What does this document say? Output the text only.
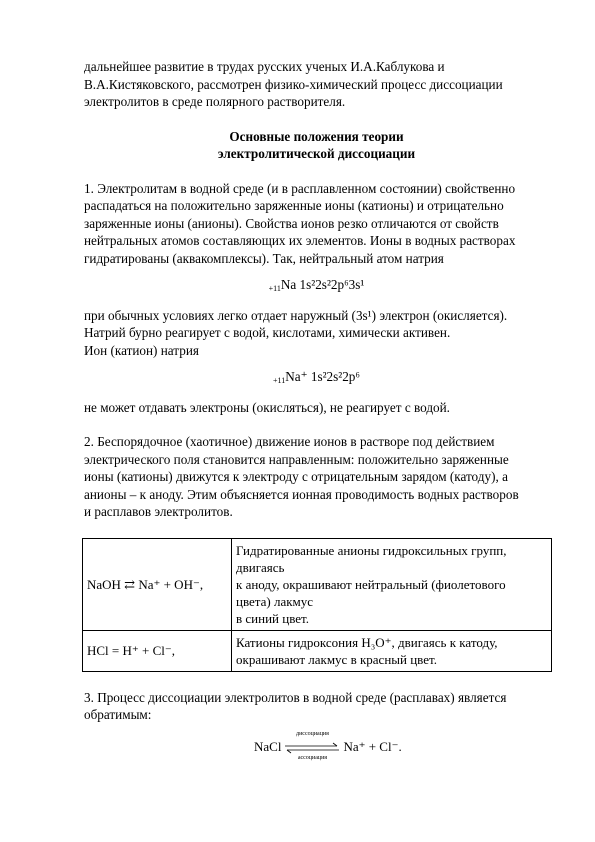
дальнейшее развитие в трудах русских ученых И.А.Каблукова и

В.А.Кистяковского, рассмотрен физико-химический процесс диссоциации

электролитов в среде полярного растворителя.

Основные положения теории

электролитической диссоциации

1. Электролитам в водной среде (и в расплавленном состоянии) свойственно

распадаться на положительно заряженные ионы (катионы) и отрицательно

заряженные ионы (анионы). Свойства ионов резко отличаются от свойств

нейтральных атомов составляющих их элементов. Ионы в водных растворах

гидратированы (аквакомплексы). Так, нейтральный атом натрия

$_{+11}$Na 1s²2s²2p⁶3s¹

при обычных условиях легко отдает наружный (3s¹) электрон (окисляется).

Натрий бурно реагирует с водой, кислотами, химически активен.

Ион (катион) натрия

$_{+11}$Na⁺ 1s²2s²2p⁶

не может отдавать электроны (окисляться), не реагирует с водой.

2. Беспорядочное (хаотичное) движение ионов в растворе под действием

электрического поля становится направленным: положительно заряженные

ионы (катионы) движутся к электроду с отрицательным зарядом (катоду), а

анионы – к аноду. Этим объясняется ионная проводимость водных растворов

и расплавов электролитов.

NaOH ⇄ Na⁺ + OH⁻,	Гидратированные анионы гидроксильных групп,
двигаясь
к аноду, окрашивают нейтральный (фиолетового
цвета) лакмус
в синий цвет.

HCl = H⁺ + Cl⁻,	Катионы гидроксония H₃O⁺, двигаясь к катоду,
окрашивают лакмус в красный цвет.

3. Процесс диссоциации электролитов в водной среде (расплавах) является

обратимым:

NaCl
диссоциация
ассоциация
Na⁺ + Cl⁻.
